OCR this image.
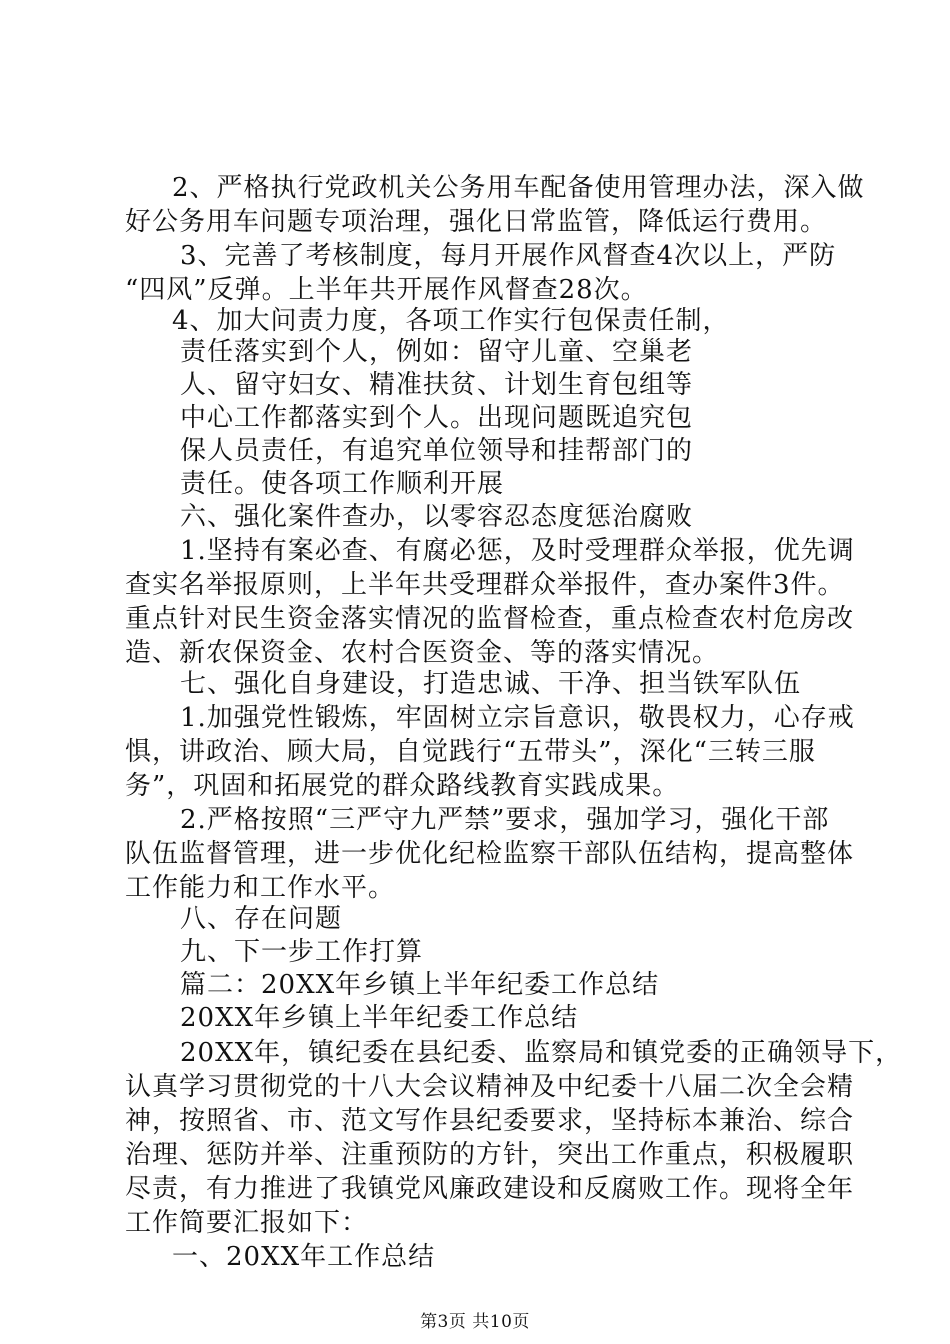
2、严格执行党政机关公务用车配备使用管理办法，深入做
好公务用车问题专项治理，强化日常监管，降低运行费用。
3、完善了考核制度，每月开展作风督查4次以上，严防
“四风”反弹。上半年共开展作风督查28次。
4、加大问责力度，各项工作实行包保责任制，
责任落实到个人，例如：留守儿童、空巢老
人、留守妇女、精准扶贫、计划生育包组等
中心工作都落实到个人。出现问题既追究包
保人员责任，有追究单位领导和挂帮部门的
责任。使各项工作顺利开展
六、强化案件查办，以零容忍态度惩治腐败
1.坚持有案必查、有腐必惩，及时受理群众举报，优先调
查实名举报原则，上半年共受理群众举报件，查办案件3件。
重点针对民生资金落实情况的监督检查，重点检查农村危房改
造、新农保资金、农村合医资金、等的落实情况。
七、强化自身建设，打造忠诚、干净、担当铁军队伍
1.加强党性锻炼，牢固树立宗旨意识，敬畏权力，心存戒
惧，讲政治、顾大局，自觉践行“五带头”，深化“三转三服
务”，巩固和拓展党的群众路线教育实践成果。
2.严格按照“三严守九严禁”要求，强加学习，强化干部
队伍监督管理，进一步优化纪检监察干部队伍结构，提高整体
工作能力和工作水平。
八、存在问题
九、下一步工作打算
篇二：20XX年乡镇上半年纪委工作总结
20XX年乡镇上半年纪委工作总结
20XX年，镇纪委在县纪委、监察局和镇党委的正确领导下，
认真学习贯彻党的十八大会议精神及中纪委十八届二次全会精
神，按照省、市、范文写作县纪委要求，坚持标本兼治、综合
治理、惩防并举、注重预防的方针，突出工作重点，积极履职
尽责，有力推进了我镇党风廉政建设和反腐败工作。现将全年
工作简要汇报如下：
一、20XX年工作总结
第3页 共10页
